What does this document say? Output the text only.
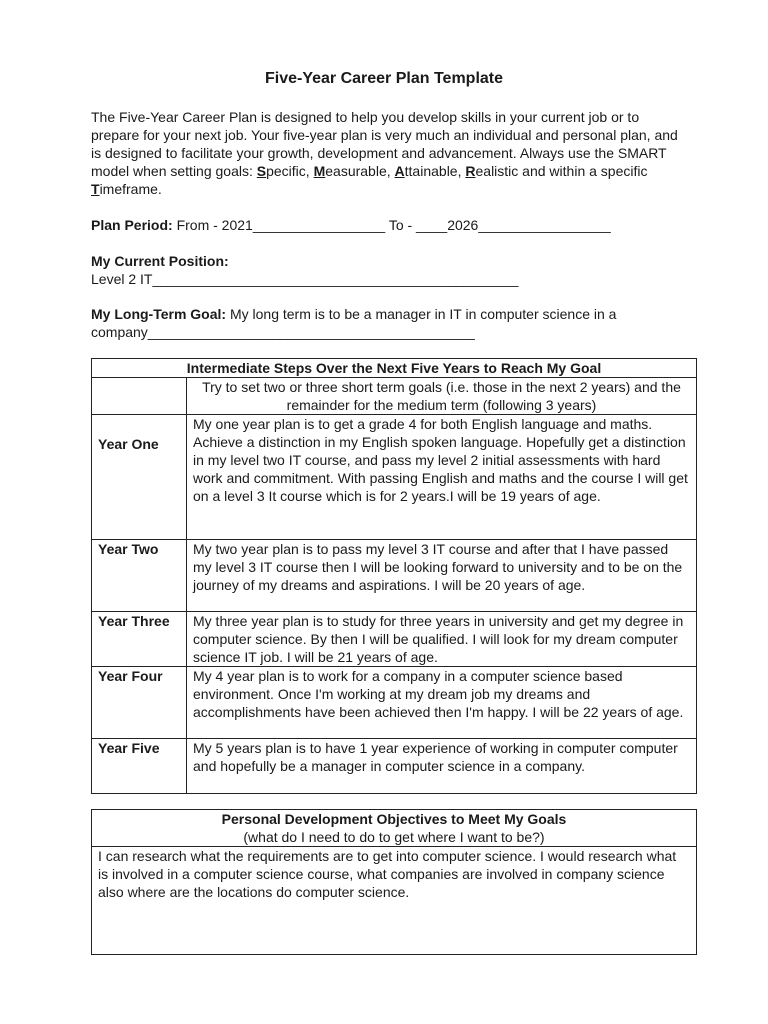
Five-Year Career Plan Template

The Five-Year Career Plan is designed to help you develop skills in your current job or to prepare for your next job. Your five-year plan is very much an individual and personal plan, and is designed to facilitate your growth, development and advancement. Always use the SMART model when setting goals: Specific, Measurable, Attainable, Realistic and within a specific Timeframe.

Plan Period: From - 2021_________________ To - ____2026_________________
My Current Position:
Level 2 IT_______________________________________________
My Long-Term Goal: My long term is to be a manager in IT in computer science in a
company__________________________________________
Intermediate Steps Over the Next Five Years to Reach My Goal	
	Try to set two or three short term goals (i.e. those in the next 2 years) and the remainder for the medium term (following 3 years)
Year One	My one year plan is to get a grade 4 for both English language and maths. Achieve a distinction in my English spoken language. Hopefully get a distinction in my level two IT course, and pass my level 2 initial assessments with hard work and commitment. With passing English and maths and the course I will get on a level 3 It course which is for 2 years.I will be 19 years of age.
Year Two	My two year plan is to pass my level 3 IT course and after that I have passed my level 3 IT course then I will be looking forward to university and to be on the journey of my dreams and aspirations. I will be 20 years of age.
Year Three	My three year plan is to study for three years in university and get my degree in computer science. By then I will be qualified. I will look for my dream computer science IT job. I will be 21 years of age.
Year Four	My 4 year plan is to work for a company in a computer science based environment. Once I'm working at my dream job my dreams and accomplishments have been achieved then I'm happy. I will be 22 years of age.
Year Five	My 5 years plan is to have 1 year experience of working in computer computer and hopefully be a manager in computer science in a company.
Personal Development Objectives to Meet My Goals
(what do I need to do to get where I want to be?)

I can research what the requirements are to get into computer science. I would research what is involved in a computer science course, what companies are involved in company science also where are the locations do computer science.
